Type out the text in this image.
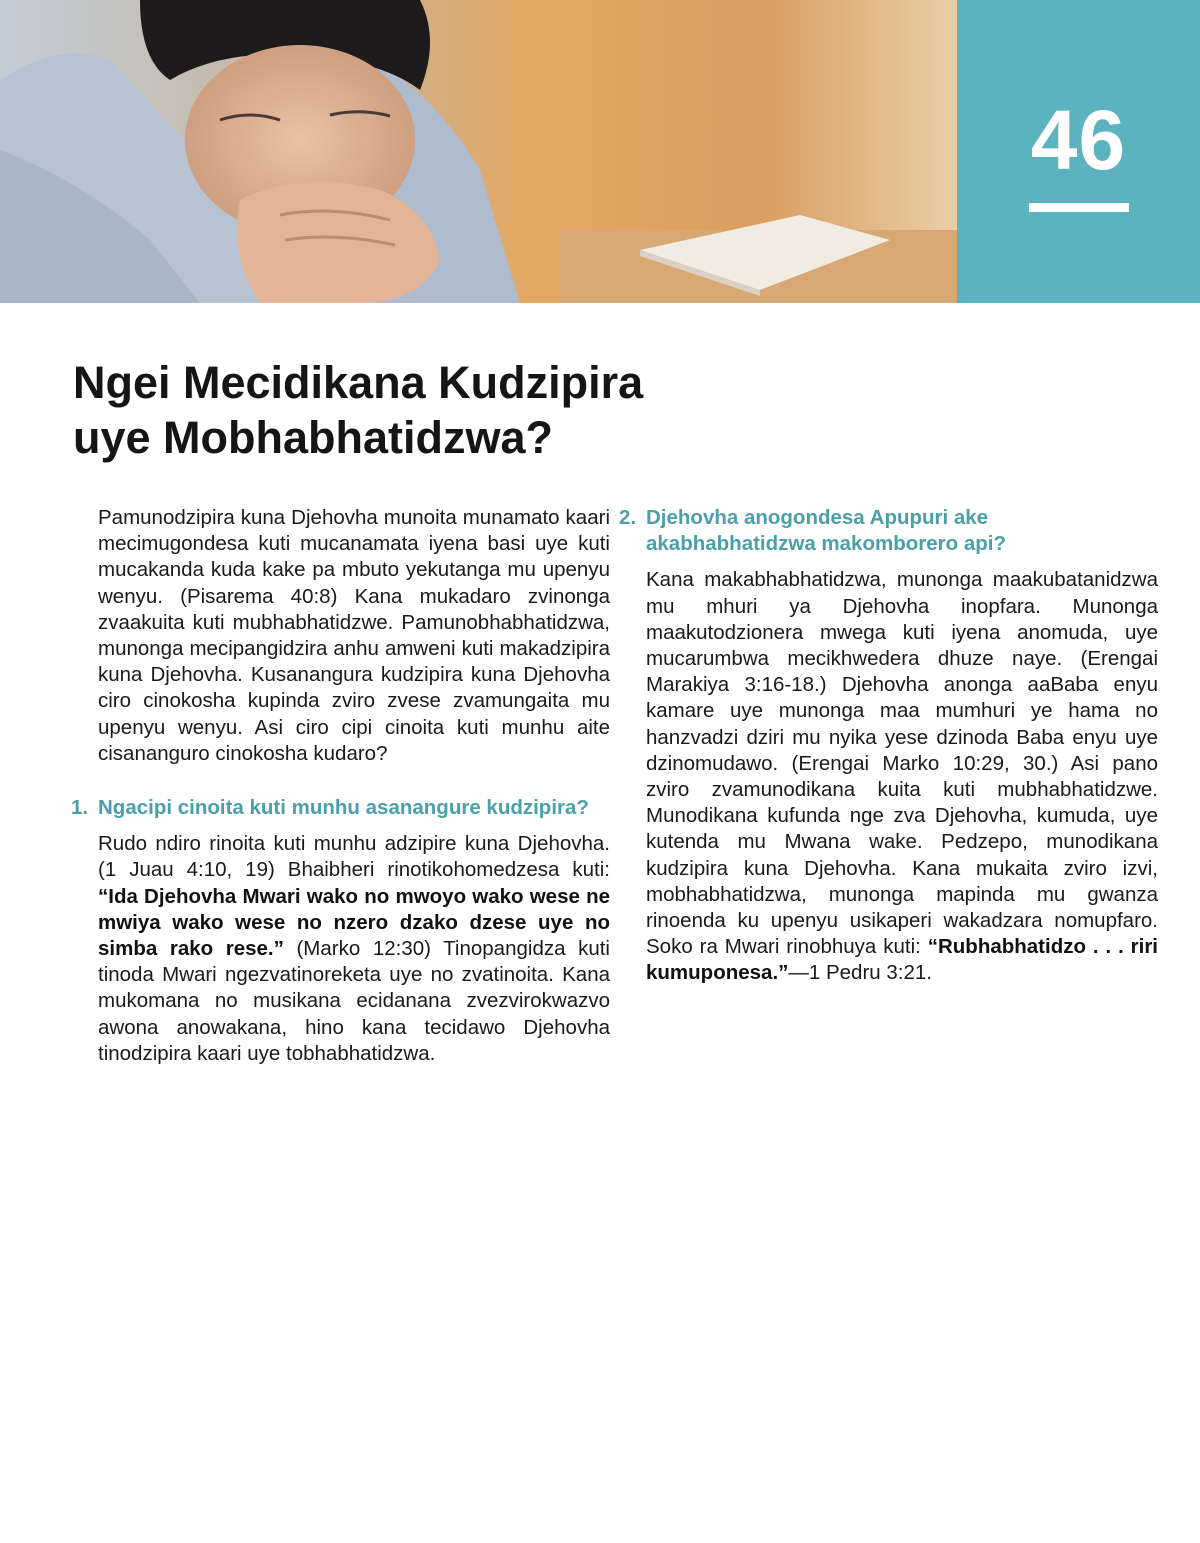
46
Ngei Mecidikana Kudzipira
uye Mobhabhatidzwa?

Pamunodzipira kuna Djehovha munoita munamato kaari mecimugondesa kuti mucanamata iyena basi uye kuti mucakanda kuda kake pa mbuto yekutanga mu upenyu wenyu. (Pisarema 40:8) Kana mukadaro zvinonga zvaakuita kuti mubhabhatidzwe. Pamunobhabhatidzwa, munonga mecipangidzira anhu amweni kuti makadzipira kuna Djehovha. Kusanangura kudzipira kuna Djehovha ciro cinokosha kupinda zviro zvese zvamungaita mu upenyu wenyu. Asi ciro cipi cinoita kuti munhu aite cisananguro cinokosha kudaro?

1. Ngacipi cinoita kuti munhu asanangure kudzipira?

Rudo ndiro rinoita kuti munhu adzipire kuna Djehovha. (1 Juau 4:10, 19) Bhaibheri rinotikohomedzesa kuti: “Ida Djehovha Mwari wako no mwoyo wako wese ne mwiya wako wese no nzero dzako dzese uye no simba rako rese.” (Marko 12:30) Tinopangidza kuti tinoda Mwari ngezvatinoreketa uye no zvatinoita. Kana mukomana no musikana ecidanana zvezvirokwazvo awona anowakana, hino kana tecidawo Djehovha tinodzipira kaari uye tobhabhatidzwa.

2. Djehovha anogondesa Apupuri ake akabhabhatidzwa makomborero api?

Kana makabhabhatidzwa, munonga maakubatanidzwa mu mhuri ya Djehovha inopfara. Munonga maakutodzionera mwega kuti iyena anomuda, uye mucarumbwa mecikhwedera dhuze naye. (Erengai Marakiya 3:16-18.) Djehovha anonga aaBaba enyu kamare uye munonga maa mumhuri ye hama no hanzvadzi dziri mu nyika yese dzinoda Baba enyu uye dzinomudawo. (Erengai Marko 10:29, 30.) Asi pano zviro zvamunodikana kuita kuti mubhabhatidzwe. Munodikana kufunda nge zva Djehovha, kumuda, uye kutenda mu Mwana wake. Pedzepo, munodikana kudzipira kuna Djehovha. Kana mukaita zviro izvi, mobhabhatidzwa, munonga mapinda mu gwanza rinoenda ku upenyu usikaperi wakadzara nomupfaro. Soko ra Mwari rinobhuya kuti: “Rubhabhatidzo . . . riri kumuponesa.”—1 Pedru 3:21.
